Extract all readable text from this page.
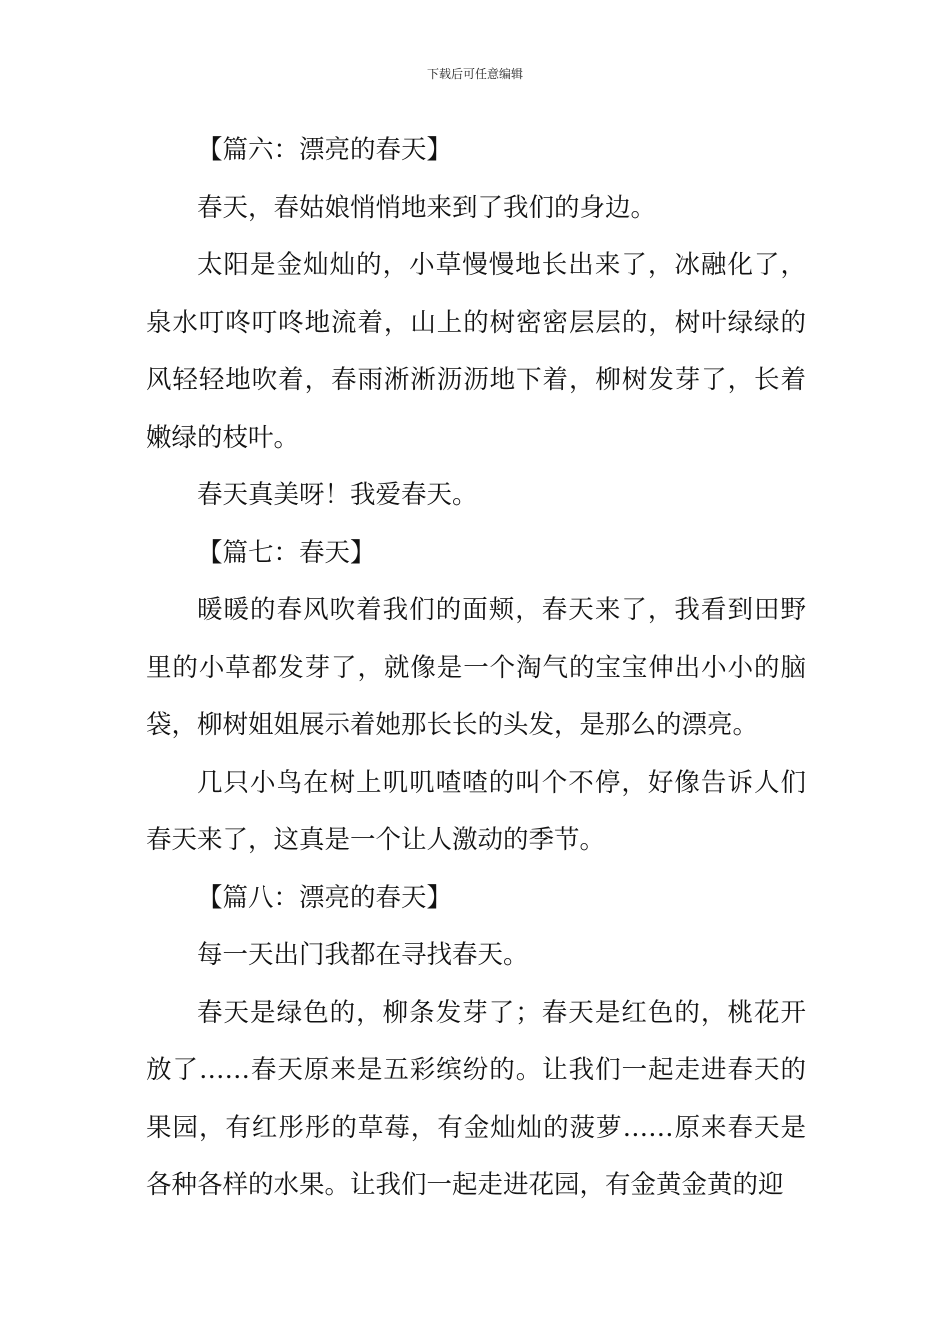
下载后可任意编辑

【篇六：漂亮的春天】

春天，春姑娘悄悄地来到了我们的身边。

太阳是金灿灿的，小草慢慢地长出来了，冰融化了，泉水叮咚叮咚地流着，山上的树密密层层的，树叶绿绿的风轻轻地吹着，春雨淅淅沥沥地下着，柳树发芽了，长着嫩绿的枝叶。

春天真美呀！我爱春天。

【篇七：春天】

暖暖的春风吹着我们的面颊，春天来了，我看到田野里的小草都发芽了，就像是一个淘气的宝宝伸出小小的脑袋，柳树姐姐展示着她那长长的头发，是那么的漂亮。

几只小鸟在树上叽叽喳喳的叫个不停，好像告诉人们春天来了，这真是一个让人激动的季节。

【篇八：漂亮的春天】

每一天出门我都在寻找春天。

春天是绿色的，柳条发芽了；春天是红色的，桃花开放了……春天原来是五彩缤纷的。让我们一起走进春天的果园，有红彤彤的草莓，有金灿灿的菠萝……原来春天是各种各样的水果。让我们一起走进花园，有金黄金黄的迎
